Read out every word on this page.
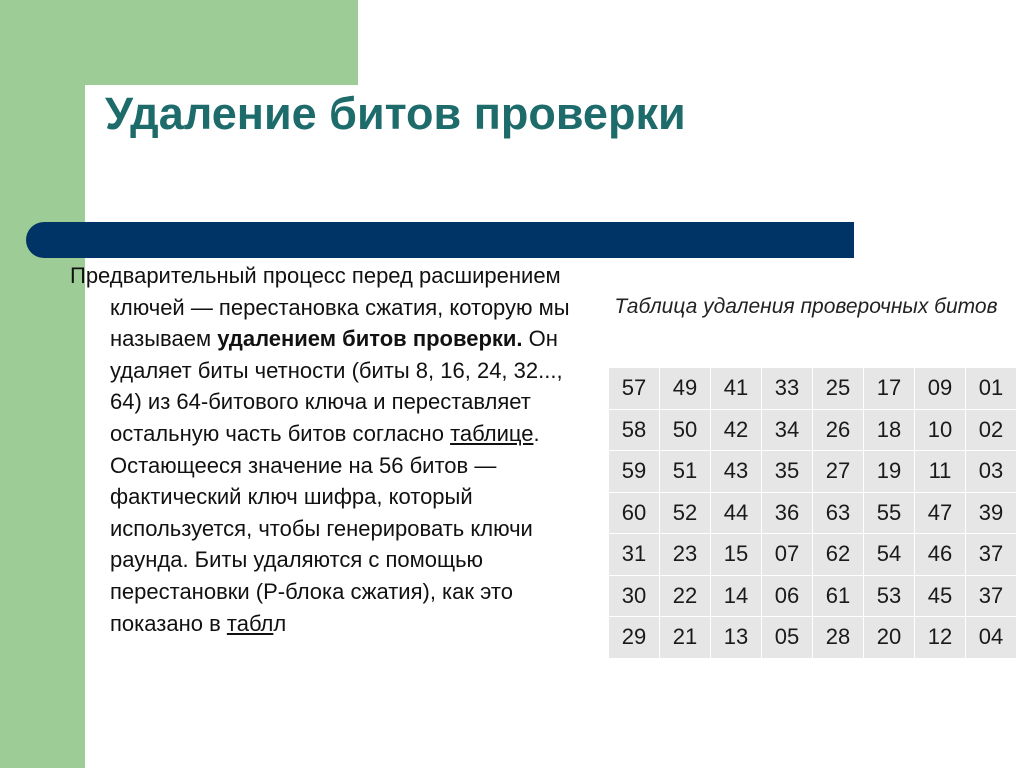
Удаление битов проверки

Предварительный процесс перед расширением ключей — перестановка сжатия, которую мы называем удалением битов проверки. Он удаляет биты четности (биты 8, 16, 24, 32..., 64) из 64-битового ключа и переставляет остальную часть битов согласно таблице. Остающееся значение на 56 битов — фактический ключ шифра, который используется, чтобы генерировать ключи раунда. Биты удаляются с помощью перестановки (P-блока сжатия), как это показано в таблл

Таблица удаления проверочных битов
57	49	41	33	25	17	09	01
58	50	42	34	26	18	10	02
59	51	43	35	27	19	11	03
60	52	44	36	63	55	47	39
31	23	15	07	62	54	46	37
30	22	14	06	61	53	45	37
29	21	13	05	28	20	12	04
